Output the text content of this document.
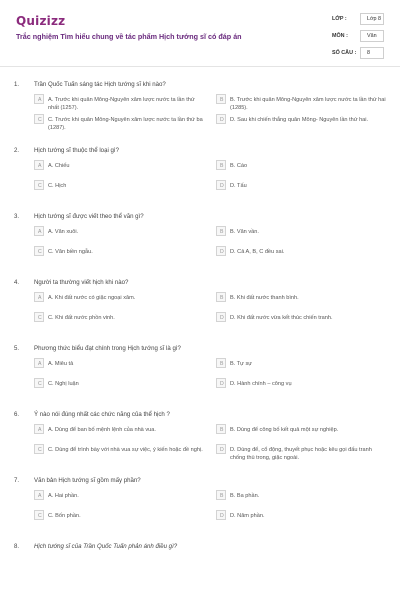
Quizizz
Trắc nghiệm Tìm hiểu chung về tác phẩm Hịch tướng sĩ có đáp án
LỚP :	Lớp 8
MÔN :	Văn
SỐ CÂU : 8
1. Trần Quốc Tuấn sáng tác Hịch tướng sĩ khi nào?
A A. Trước khi quân Mông-Nguyên xâm lược nước ta lần thứ nhất (1257).
B B. Trước khi quân Mông-Nguyên xâm lược nước ta lần thứ hai (1285).
C C. Trước khi quân Mông-Nguyên xâm lược nước ta lần thứ ba (1287).
D D. Sau khi chiến thắng quân Mông- Nguyên lần thứ hai.
2. Hịch tướng sĩ thuộc thể loại gì?
A A. Chiếu	B B. Cáo
C C. Hịch	D D. Tấu
3. Hịch tướng sĩ được viết theo thể văn gì?
A A. Văn xuôi.	B B. Văn vần.
C C. Văn biền ngẫu.	D D. Cả A, B, C đều sai.
4. Người ta thường viết hịch khi nào?
A A. Khi đất nước có giặc ngoại xâm.	B B. Khi đất nước thanh bình.
C C. Khi đất nước phồn vinh.	D D. Khi đất nước vừa kết thúc chiến tranh.
5. Phương thức biểu đạt chính trong Hịch tướng sĩ là gì?
A A. Miêu tả	B B. Tự sự
C C. Nghị luận	D D. Hành chính – công vụ
6. Ý nào nói đúng nhất các chức năng của thể hịch ?
A A. Dùng để ban bố mệnh lệnh của nhà vua.	B B. Dùng để công bố kết quả một sự nghiệp.
C C. Dùng để trình bày với nhà vua sự việc, ý kiến hoặc đề nghị.	D D. Dùng để, cổ động, thuyết phục hoặc kêu gọi đấu tranh chống thù trong, giặc ngoài.
7. Văn bản Hịch tướng sĩ gồm mấy phần?
A A. Hai phần.	B B. Ba phần.
C C. Bốn phần.	D D. Năm phần.
8. Hịch tướng sĩ của Trần Quốc Tuấn phản ánh điều gì?
